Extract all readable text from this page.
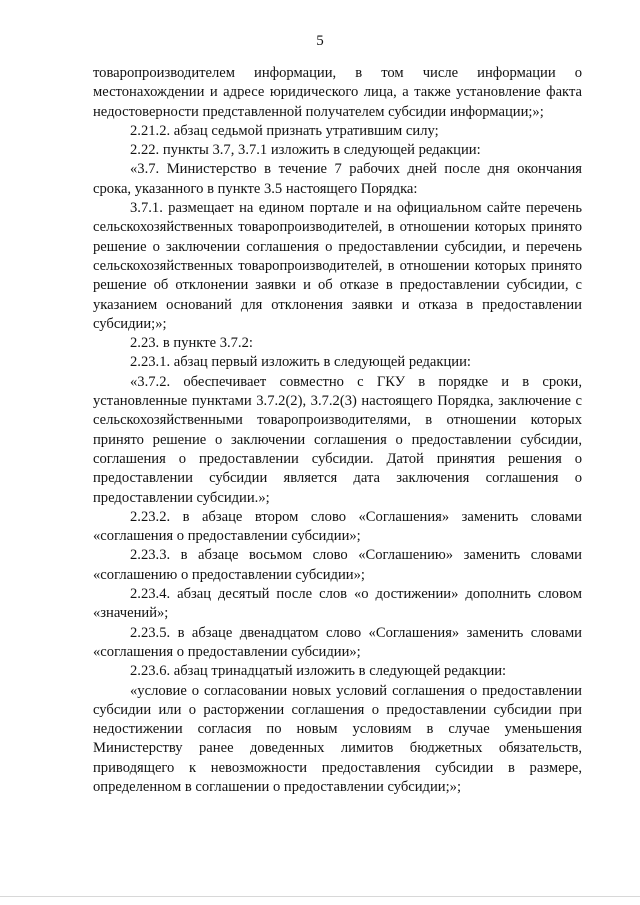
5

товаропроизводителем информации, в том числе информации о местонахождении и адресе юридического лица, а также установление факта недостоверности представленной получателем субсидии информации;»;

2.21.2. абзац седьмой признать утратившим силу;

2.22. пункты 3.7, 3.7.1 изложить в следующей редакции:

«3.7. Министерство в течение 7 рабочих дней после дня окончания срока, указанного в пункте 3.5 настоящего Порядка:

3.7.1. размещает на едином портале и на официальном сайте перечень сельскохозяйственных товаропроизводителей, в отношении которых принято решение о заключении соглашения о предоставлении субсидии, и перечень сельскохозяйственных товаропроизводителей, в отношении которых принято решение об отклонении заявки и об отказе в предоставлении субсидии, с указанием оснований для отклонения заявки и отказа в предоставлении субсидии;»;

2.23. в пункте 3.7.2:

2.23.1. абзац первый изложить в следующей редакции:

«3.7.2. обеспечивает совместно с ГКУ в порядке и в сроки, установленные пунктами 3.7.2(2), 3.7.2(3) настоящего Порядка, заключение с сельскохозяйственными товаропроизводителями, в отношении которых принято решение о заключении соглашения о предоставлении субсидии, соглашения о предоставлении субсидии. Датой принятия решения о предоставлении субсидии является дата заключения соглашения о предоставлении субсидии.»;

2.23.2. в абзаце втором слово «Соглашения» заменить словами «соглашения о предоставлении субсидии»;

2.23.3. в абзаце восьмом слово «Соглашению» заменить словами «соглашению о предоставлении субсидии»;

2.23.4. абзац десятый после слов «о достижении» дополнить словом «значений»;

2.23.5. в абзаце двенадцатом слово «Соглашения» заменить словами «соглашения о предоставлении субсидии»;

2.23.6. абзац тринадцатый изложить в следующей редакции:

«условие о согласовании новых условий соглашения о предоставлении субсидии или о расторжении соглашения о предоставлении субсидии при недостижении согласия по новым условиям в случае уменьшения Министерству ранее доведенных лимитов бюджетных обязательств, приводящего к невозможности предоставления субсидии в размере, определенном в соглашении о предоставлении субсидии;»;
